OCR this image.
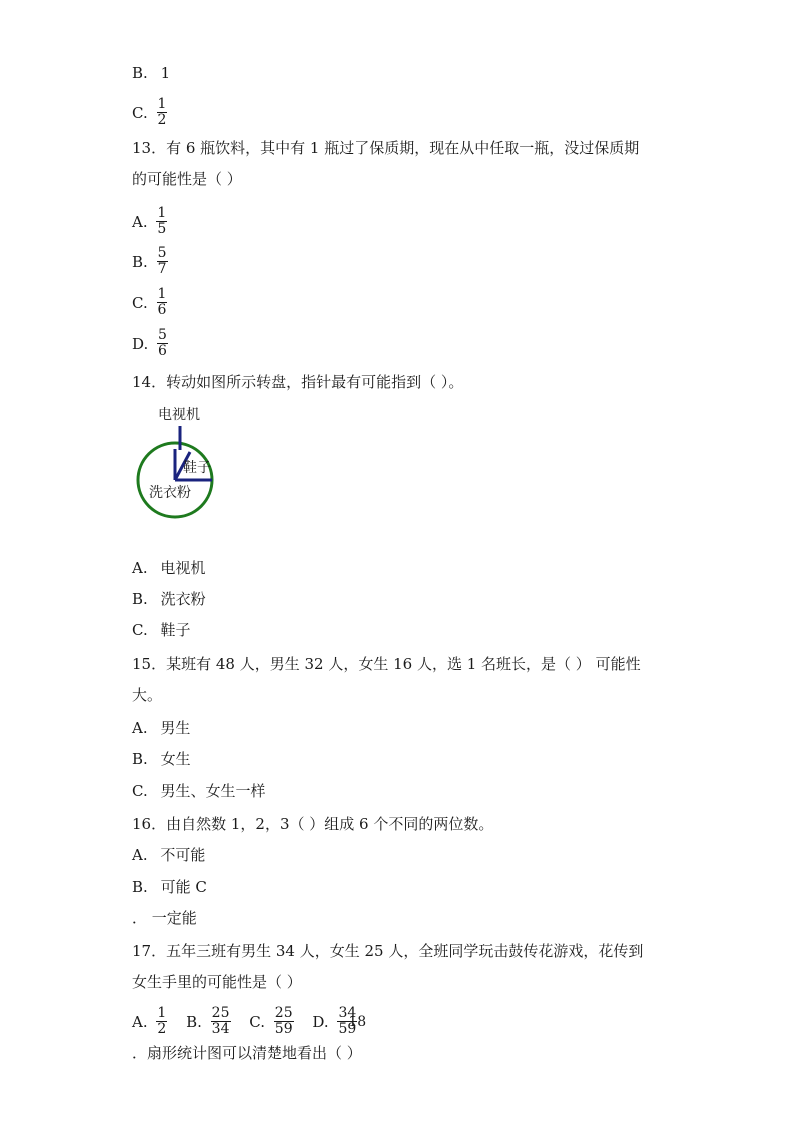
B. 1
C. $\frac{1}{2}$
13．有 6 瓶饮料，其中有 1 瓶过了保质期，现在从中任取一瓶，没过保质期
的可能性是（ ）
A. $\frac{1}{5}$
B. $\frac{5}{7}$
C. $\frac{1}{6}$
D. $\frac{5}{6}$
14．转动如图所示转盘，指针最有可能指到（ ）。
电视机
鞋子
洗衣粉
A. 电视机
B. 洗衣粉
C. 鞋子
15．某班有 48 人，男生 32 人，女生 16 人，选 1 名班长，是（ ） 可能性
大。
A. 男生
B. 女生
C. 男生、女生一样
16．由自然数 1，2，3（ ）组成 6 个不同的两位数。
A. 不可能
B. 可能 C
． 一定能
17．五年三班有男生 34 人，女生 25 人，全班同学玩击鼓传花游戏，花传到
女生手里的可能性是（ ）
A. $\frac{1}{2} B$. $\frac{25}{34} C$. $\frac{25}{59} D$. $\frac{34}{59}$
18
．扇形统计图可以清楚地看出（ ）
